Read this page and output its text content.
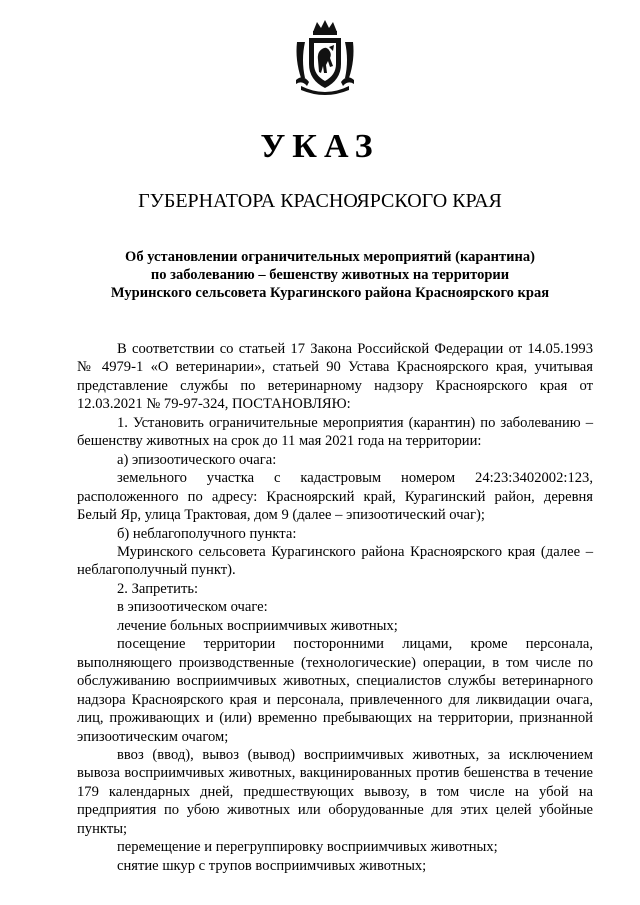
УКАЗ
ГУБЕРНАТОРА КРАСНОЯРСКОГО КРАЯ
Об установлении ограничительных мероприятий (карантина)
по заболеванию – бешенству животных на территории
Муринского сельсовета Курагинского района Красноярского края
В соответствии со статьей 17 Закона Российской Федерации от 14.05.1993 № 4979-1 «О ветеринарии», статьей 90 Устава Красноярского края, учитывая представление службы по ветеринарному надзору Красноярского края от 12.03.2021 № 79-97-324, ПОСТАНОВЛЯЮ:
1. Установить ограничительные мероприятия (карантин) по заболеванию – бешенству животных на срок до 11 мая 2021 года на территории:
а) эпизоотического очага:
земельного участка с кадастровым номером 24:23:3402002:123, расположенного по адресу: Красноярский край, Курагинский район, деревня Белый Яр, улица Трактовая, дом 9 (далее – эпизоотический очаг);
б) неблагополучного пункта:
Муринского сельсовета Курагинского района Красноярского края (далее – неблагополучный пункт).
2. Запретить:
в эпизоотическом очаге:
лечение больных восприимчивых животных;
посещение территории посторонними лицами, кроме персонала, выполняющего производственные (технологические) операции, в том числе по обслуживанию восприимчивых животных, специалистов службы ветеринарного надзора Красноярского края и персонала, привлеченного для ликвидации очага, лиц, проживающих и (или) временно пребывающих на территории, признанной эпизоотическим очагом;
ввоз (ввод), вывоз (вывод) восприимчивых животных, за исключением вывоза восприимчивых животных, вакцинированных против бешенства в течение 179 календарных дней, предшествующих вывозу, в том числе на убой на предприятия по убою животных или оборудованные для этих целей убойные пункты;
перемещение и перегруппировку восприимчивых животных;
снятие шкур с трупов восприимчивых животных;
